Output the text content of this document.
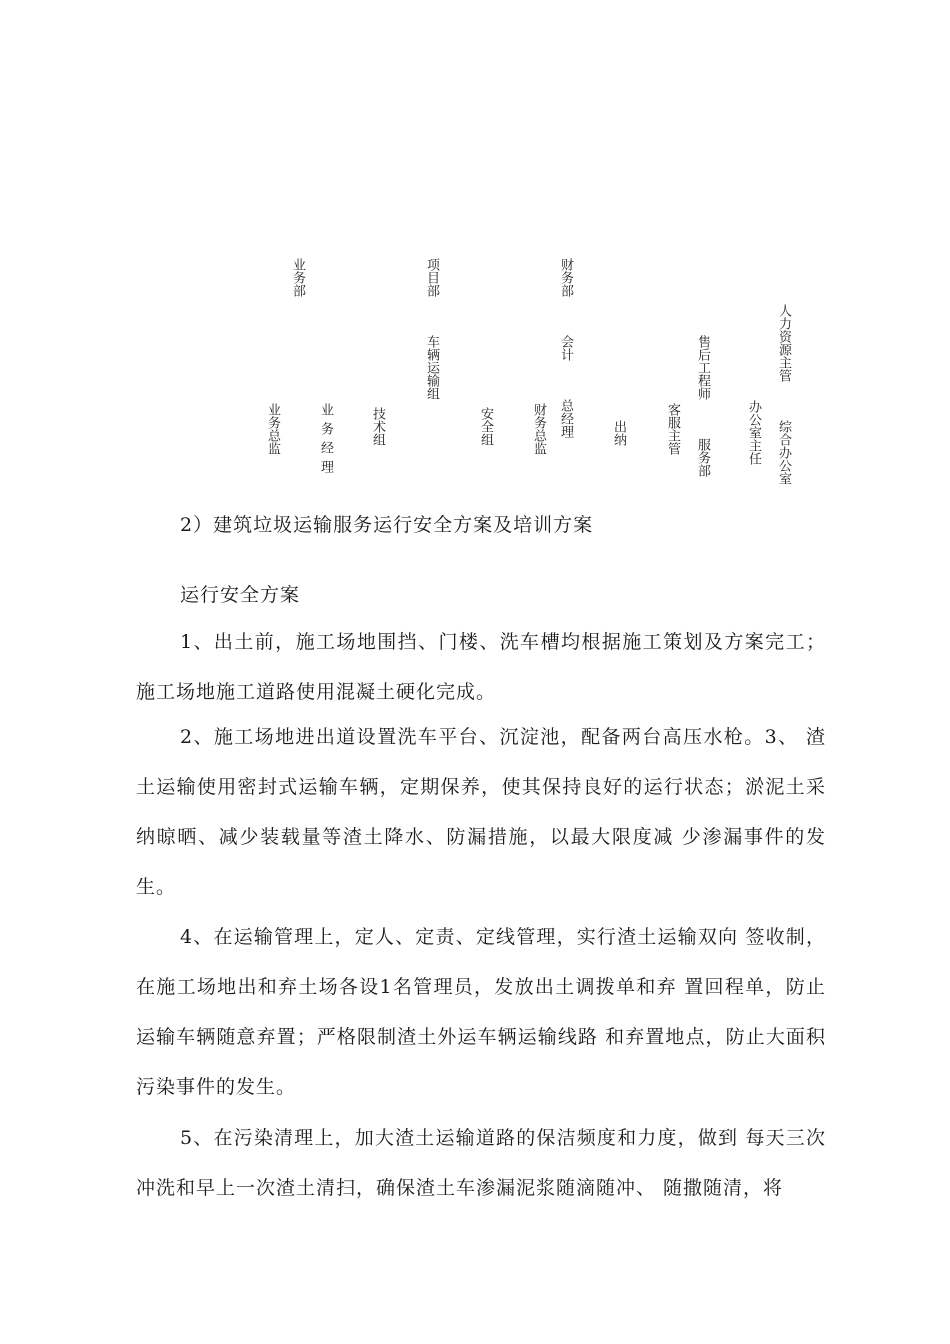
业务部	项目部  车辆运输组
财务部  会计  总经理
售后工程师  服务部
人力资源主管  综合办公室
业务总监	业务经理	技术组	安全组	财务总监	出纳	客服主管	办公室主任
2）建筑垃圾运输服务运行安全方案及培训方案
运行安全方案

1、出土前，施工场地围挡、门楼、洗车槽均根据施工策划及方案完工；施工场地施工道路使用混凝土硬化完成。

2、施工场地进出道设置洗车平台、沉淀池，配备两台高压水枪。3、 渣土运输使用密封式运输车辆，定期保养，使其保持良好的运行状态；淤泥土采纳晾晒、减少装载量等渣土降水、防漏措施，以最大限度减 少渗漏事件的发生。

4、在运输管理上，定人、定责、定线管理，实行渣土运输双向 签收制，在施工场地出和弃土场各设1名管理员，发放出土调拨单和弃 置回程单，防止运输车辆随意弃置；严格限制渣土外运车辆运输线路 和弃置地点，防止大面积污染事件的发生。

5、在污染清理上，加大渣土运输道路的保洁频度和力度，做到 每天三次冲洗和早上一次渣土清扫，确保渣土车渗漏泥浆随滴随冲、 随撒随清，将
